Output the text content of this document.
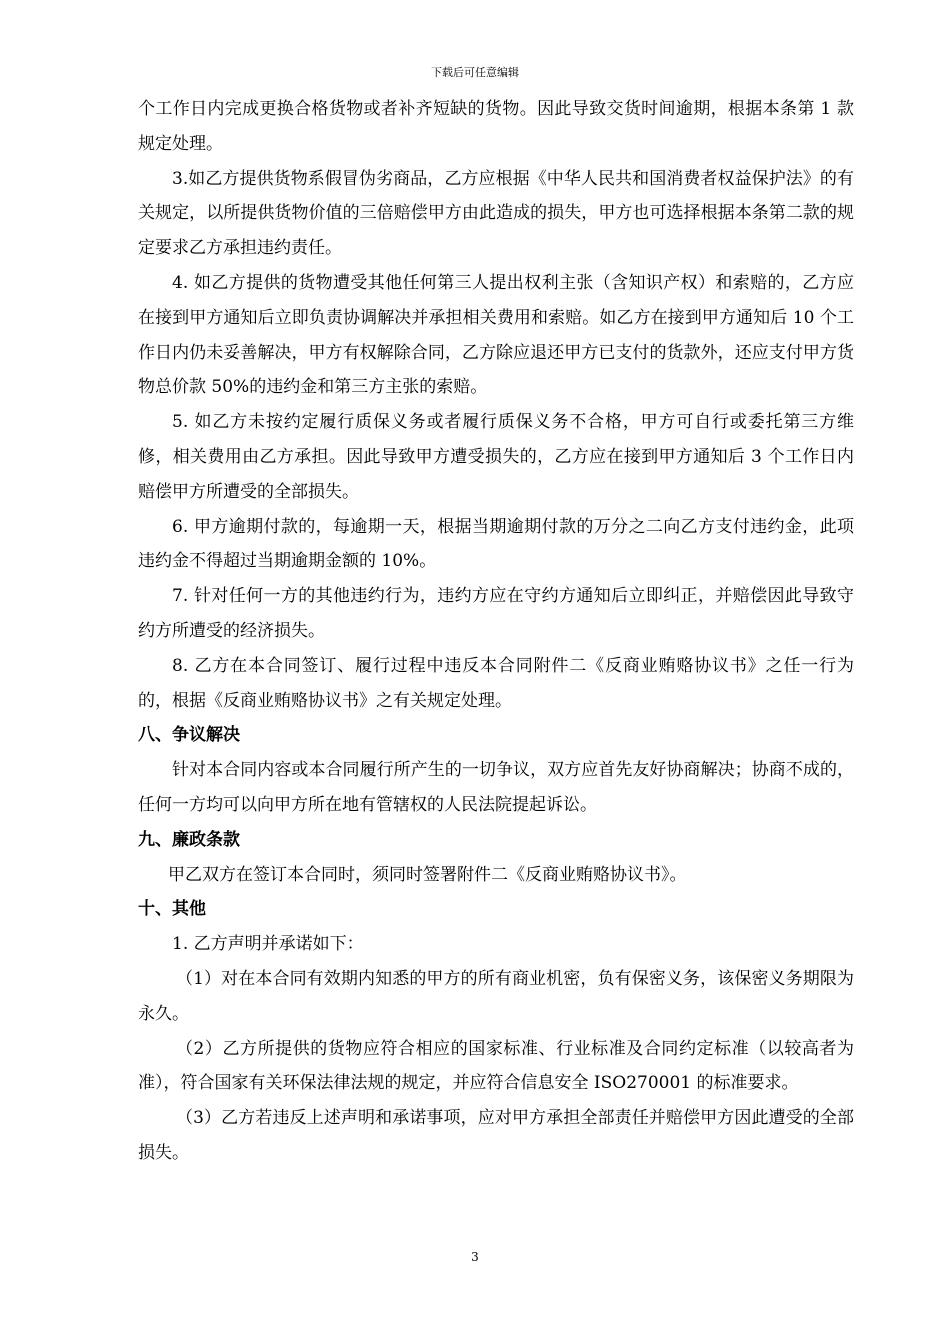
下载后可任意编辑

个工作日内完成更换合格货物或者补齐短缺的货物。因此导致交货时间逾期，根据本条第 1 款规定处理。

3.如乙方提供货物系假冒伪劣商品，乙方应根据《中华人民共和国消费者权益保护法》的有关规定，以所提供货物价值的三倍赔偿甲方由此造成的损失，甲方也可选择根据本条第二款的规定要求乙方承担违约责任。

4. 如乙方提供的货物遭受其他任何第三人提出权利主张（含知识产权）和索赔的，乙方应在接到甲方通知后立即负责协调解决并承担相关费用和索赔。如乙方在接到甲方通知后 10 个工作日内仍未妥善解决，甲方有权解除合同，乙方除应退还甲方已支付的货款外，还应支付甲方货物总价款 50%的违约金和第三方主张的索赔。

5. 如乙方未按约定履行质保义务或者履行质保义务不合格，甲方可自行或委托第三方维修，相关费用由乙方承担。因此导致甲方遭受损失的，乙方应在接到甲方通知后 3 个工作日内赔偿甲方所遭受的全部损失。

6. 甲方逾期付款的，每逾期一天，根据当期逾期付款的万分之二向乙方支付违约金，此项违约金不得超过当期逾期金额的 10%。

7. 针对任何一方的其他违约行为，违约方应在守约方通知后立即纠正，并赔偿因此导致守约方所遭受的经济损失。

8. 乙方在本合同签订、履行过程中违反本合同附件二《反商业贿赂协议书》之任一行为的，根据《反商业贿赂协议书》之有关规定处理。

八、争议解决

针对本合同内容或本合同履行所产生的一切争议，双方应首先友好协商解决；协商不成的，任何一方均可以向甲方所在地有管辖权的人民法院提起诉讼。

九、廉政条款

甲乙双方在签订本合同时，须同时签署附件二《反商业贿赂协议书》。

十、其他

1. 乙方声明并承诺如下：

（1）对在本合同有效期内知悉的甲方的所有商业机密，负有保密义务，该保密义务期限为永久。

（2）乙方所提供的货物应符合相应的国家标准、行业标准及合同约定标准（以较高者为准），符合国家有关环保法律法规的规定，并应符合信息安全 ISO270001 的标准要求。

（3）乙方若违反上述声明和承诺事项，应对甲方承担全部责任并赔偿甲方因此遭受的全部损失。

3
